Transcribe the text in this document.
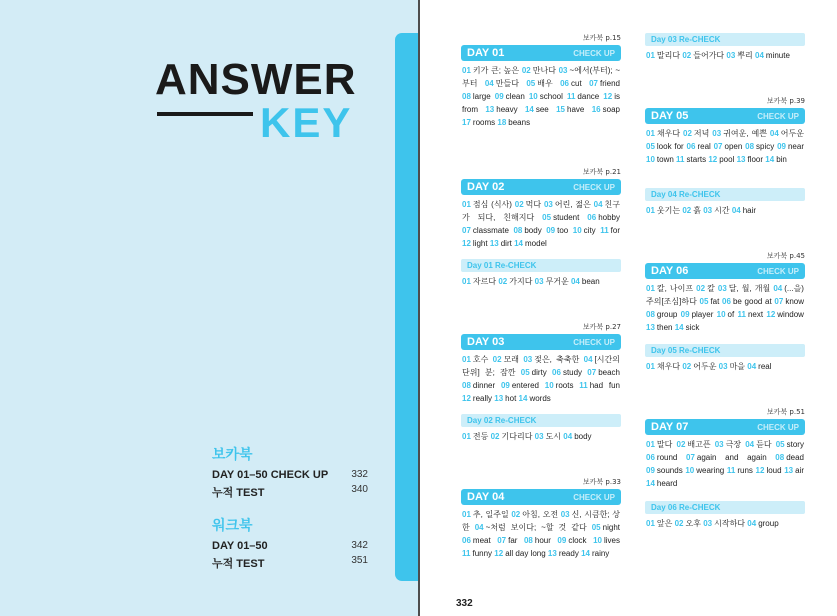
ANSWER
KEY
보카북
DAY 01–50 CHECK UP 332
누적 TEST	340
워크북
DAY 01–50	342
누적 TEST	351
보카북 p.15
DAY 01	CHECK UP
01 키가 큰; 높은 02 만나다 03 ~에서(부터); ~부터 04 만들다 05 배우 06 cut 07 friend 08 large 09 clean 10 school 11 dance 12 is from 13 heavy 14 see 15 have 16 soap 17 rooms 18 beans
보카북 p.21
DAY 02	CHECK UP
01 점심 (식사) 02 먹다 03 어린, 젊은 04 친구가 되다, 친해지다 05 student 06 hobby 07 classmate 08 body 09 too 10 city 11 for 12 light 13 dirt 14 model
Day 01 Re-CHECK
01 자르다 02 가지다 03 무거운 04 bean
보카북 p.27
DAY 03	CHECK UP
01 호수 02 모래 03 젖은, 축축한 04 [시간의 단위] 분; 잠깐 05 dirty 06 study 07 beach 08 dinner 09 entered 10 roots 11 had fun 12 really 13 hot 14 words
Day 02 Re-CHECK
01 전등 02 기다리다 03 도시 04 body
보카북 p.33
DAY 04	CHECK UP
01 추, 일주일 02 아침, 오전 03 신, 시큼한; 상한 04 ~처럼 보이다; ~할 것 같다 05 night 06 meat 07 far 08 hour 09 clock 10 lives 11 funny 12 all day long 13 ready 14 rainy
Day 03 Re-CHECK
01 말리다 02 들어가다 03 뿌리 04 minute
보카북 p.39
DAY 05	CHECK UP
01 채우다 02 저녁 03 귀여운, 예쁜 04 어두운 05 look for 06 real 07 open 08 spicy 09 near 10 town 11 starts 12 pool 13 floor 14 bin
Day 04 Re-CHECK
01 웃기는 02 흙 03 시간 04 hair
보카북 p.45
DAY 06	CHECK UP
01 칼, 나이프 02 칼 03 달, 월, 개월 04 (...을) 주의[조심]하다 05 fat 06 be good at 07 know 08 group 09 player 10 of 11 next 12 window 13 then 14 sick
Day 05 Re-CHECK
01 채우다 02 어두운 03 마을 04 real
보카북 p.51
DAY 07	CHECK UP
01 말다 02 배고픈 03 극장 04 듣다 05 story 06 round 07 again and again 08 dead 09 sounds 10 wearing 11 runs 12 loud 13 air 14 heard
Day 06 Re-CHECK
01 앞은 02 오후 03 시작하다 04 group
332
